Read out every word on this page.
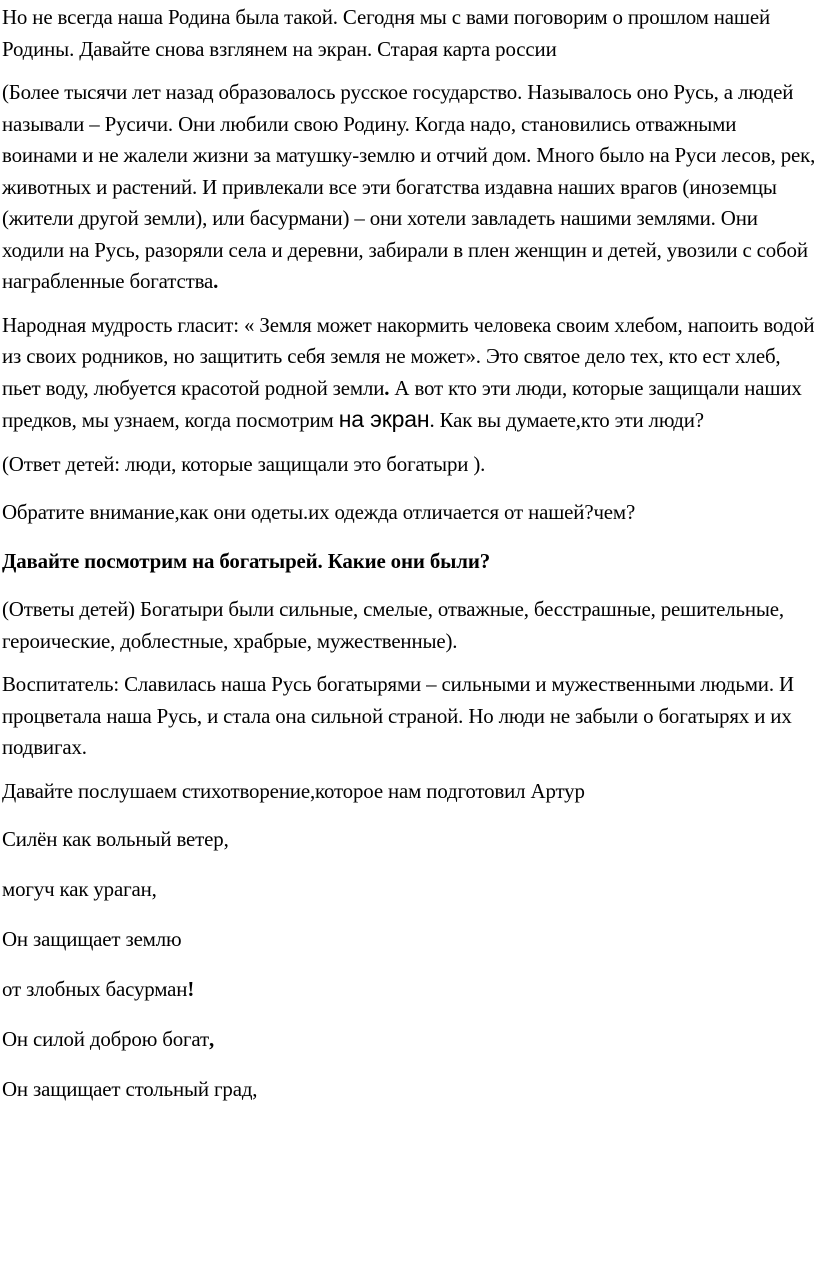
Но не всегда наша Родина была такой. Сегодня мы с вами поговорим о прошлом нашей Родины. Давайте снова взглянем на экран. Старая карта россии

(Более тысячи лет назад образовалось русское государство. Называлось оно Русь, а людей называли – Русичи. Они любили свою Родину. Когда надо, становились отважными воинами и не жалели жизни за матушку-землю и отчий дом. Много было на Руси лесов, рек, животных и растений. И привлекали все эти богатства издавна наших врагов (иноземцы (жители другой земли), или басурмани) – они хотели завладеть нашими землями. Они ходили на Русь, разоряли села и деревни, забирали в плен женщин и детей, увозили с собой награбленные богатства.

Народная мудрость гласит: « Земля может накормить человека своим хлебом, напоить водой из своих родников, но защитить себя земля не может». Это святое дело тех, кто ест хлеб, пьет воду, любуется красотой родной земли. А вот кто эти люди, которые защищали наших предков, мы узнаем, когда посмотрим на экран. Как вы думаете,кто эти люди?

(Ответ детей: люди, которые защищали это богатыри ).

Обратите внимание,как они одеты.их одежда отличается от нашей?чем?

Давайте посмотрим на богатырей. Какие они были?

(Ответы детей) Богатыри были сильные, смелые, отважные, бесстрашные, решительные, героические, доблестные, храбрые, мужественные).

Воспитатель: Славилась наша Русь богатырями – сильными и мужественными людьми. И процветала наша Русь, и стала она сильной страной. Но люди не забыли о богатырях и их подвигах.

Давайте послушаем стихотворение,которое нам подготовил Артур

Силён как вольный ветер,

могуч как ураган,

Он защищает землю

от злобных басурман!

Он силой доброю богат,

Он защищает стольный град,
